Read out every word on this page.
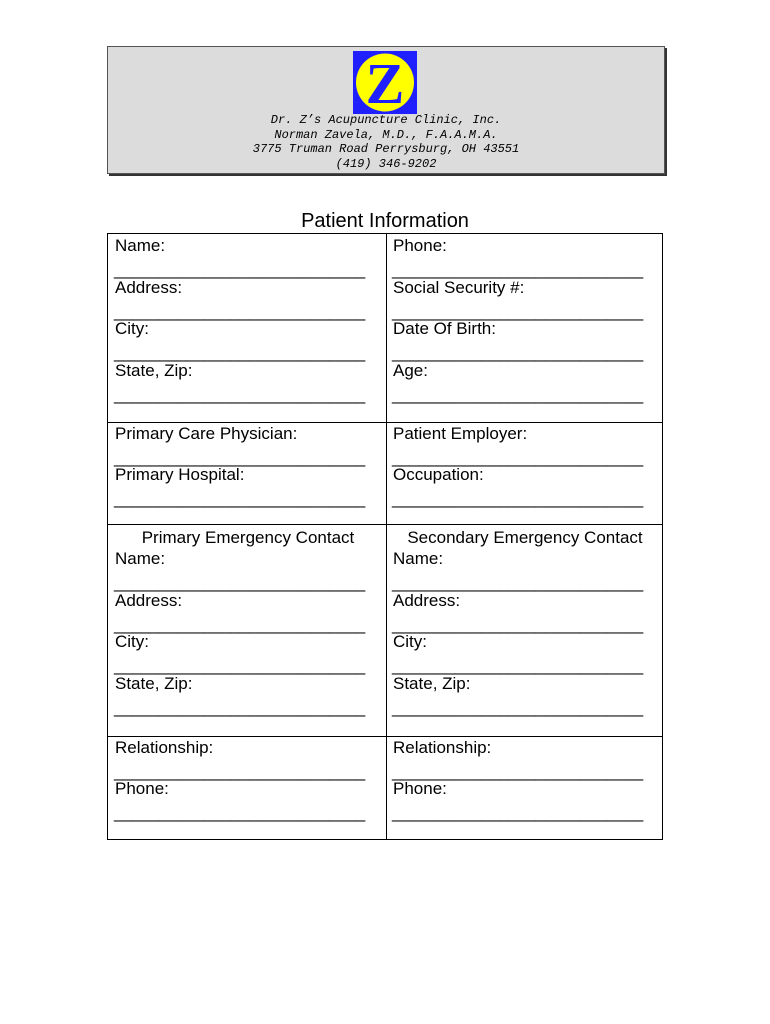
Z
Dr. Z’s Acupuncture Clinic, Inc.
Norman Zavela, M.D., F.A.A.M.A.
3775 Truman Road Perrysburg, OH 43551
(419) 346-9202
Patient Information
Name:
____________________________
Address:
____________________________
City:
____________________________
State, Zip:
____________________________
Phone:
____________________________
Social Security #:
____________________________
Date Of Birth:
____________________________
Age:
____________________________
Primary Care Physician:
____________________________
Primary Hospital:
____________________________
Patient Employer:
____________________________
Occupation:
____________________________
Primary Emergency Contact	Secondary Emergency Contact
Name:
____________________________
Address:
____________________________
City:
____________________________
State, Zip:
____________________________
Name:
____________________________
Address:
____________________________
City:
____________________________
State, Zip:
____________________________
Relationship:
____________________________
Phone:
____________________________
Relationship:
____________________________
Phone:
____________________________
